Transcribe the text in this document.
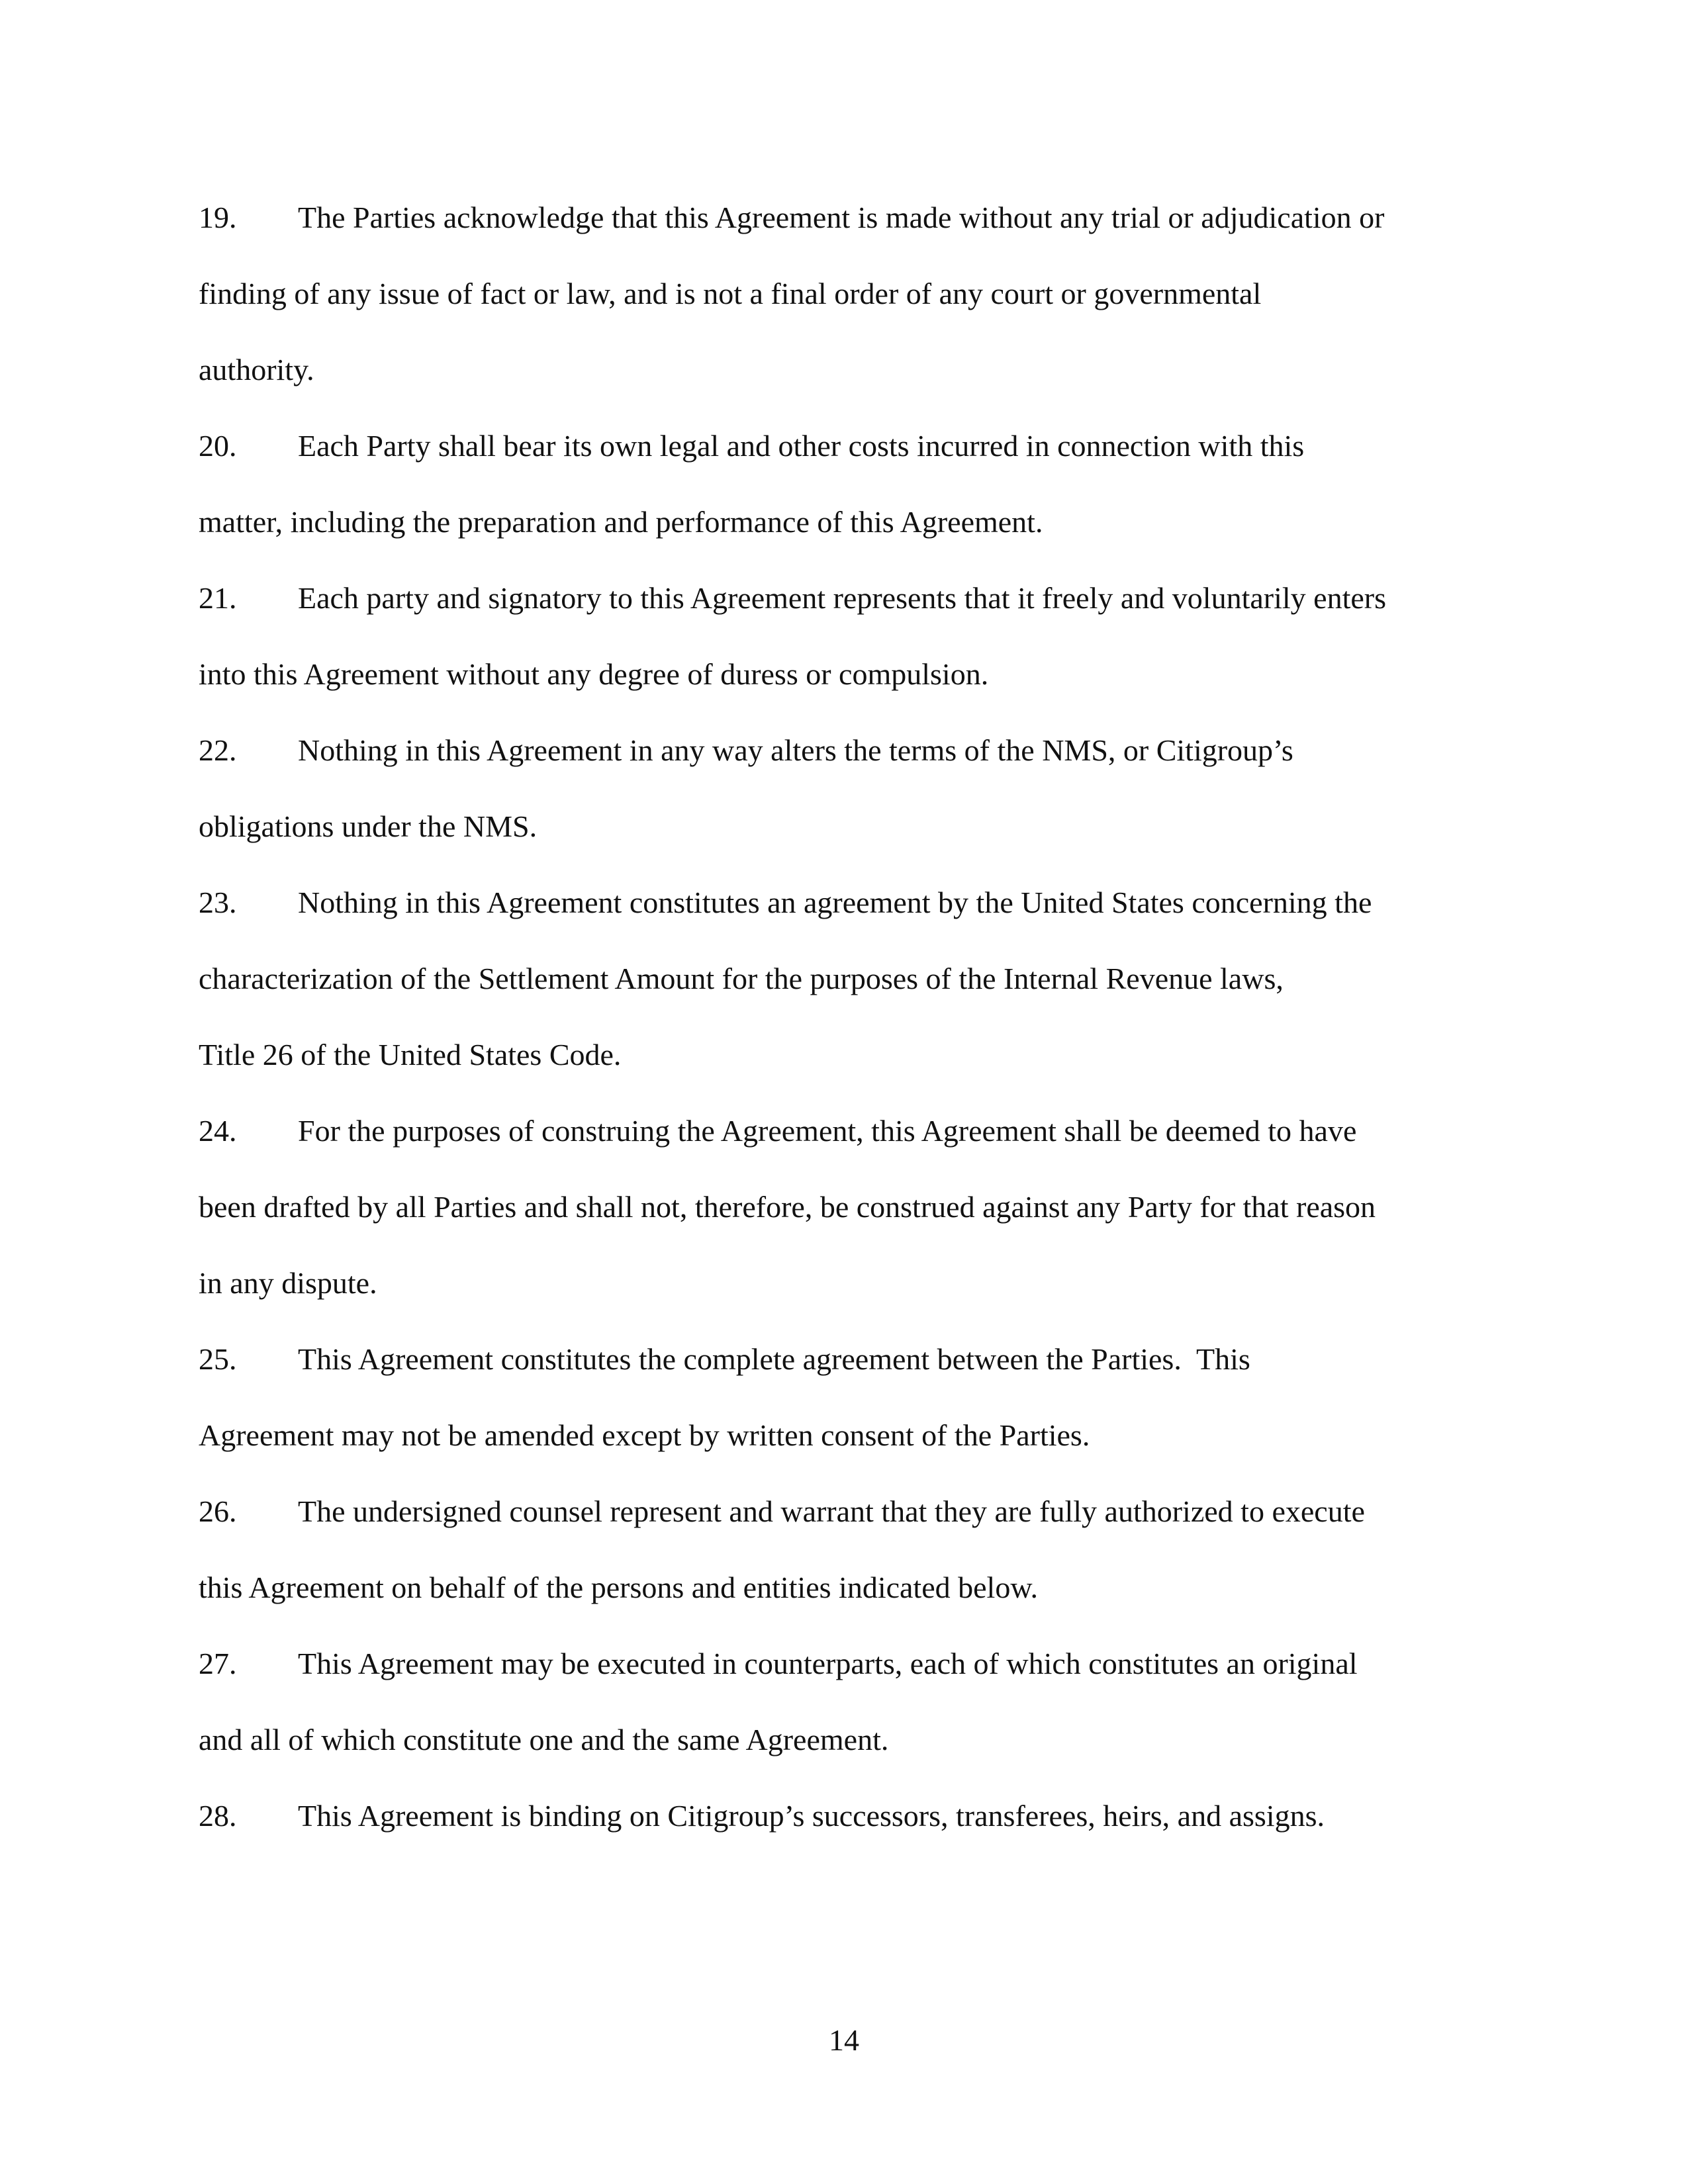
19. The Parties acknowledge that this Agreement is made without any trial or adjudication or
finding of any issue of fact or law, and is not a final order of any court or governmental
authority.
20. Each Party shall bear its own legal and other costs incurred in connection with this
matter, including the preparation and performance of this Agreement.
21. Each party and signatory to this Agreement represents that it freely and voluntarily enters
into this Agreement without any degree of duress or compulsion.
22. Nothing in this Agreement in any way alters the terms of the NMS, or Citigroup’s
obligations under the NMS.
23. Nothing in this Agreement constitutes an agreement by the United States concerning the
characterization of the Settlement Amount for the purposes of the Internal Revenue laws,
Title 26 of the United States Code.
24. For the purposes of construing the Agreement, this Agreement shall be deemed to have
been drafted by all Parties and shall not, therefore, be construed against any Party for that reason
in any dispute.
25. This Agreement constitutes the complete agreement between the Parties.  This
Agreement may not be amended except by written consent of the Parties.
26. The undersigned counsel represent and warrant that they are fully authorized to execute
this Agreement on behalf of the persons and entities indicated below.
27. This Agreement may be executed in counterparts, each of which constitutes an original
and all of which constitute one and the same Agreement.
28. This Agreement is binding on Citigroup’s successors, transferees, heirs, and assigns.
14
